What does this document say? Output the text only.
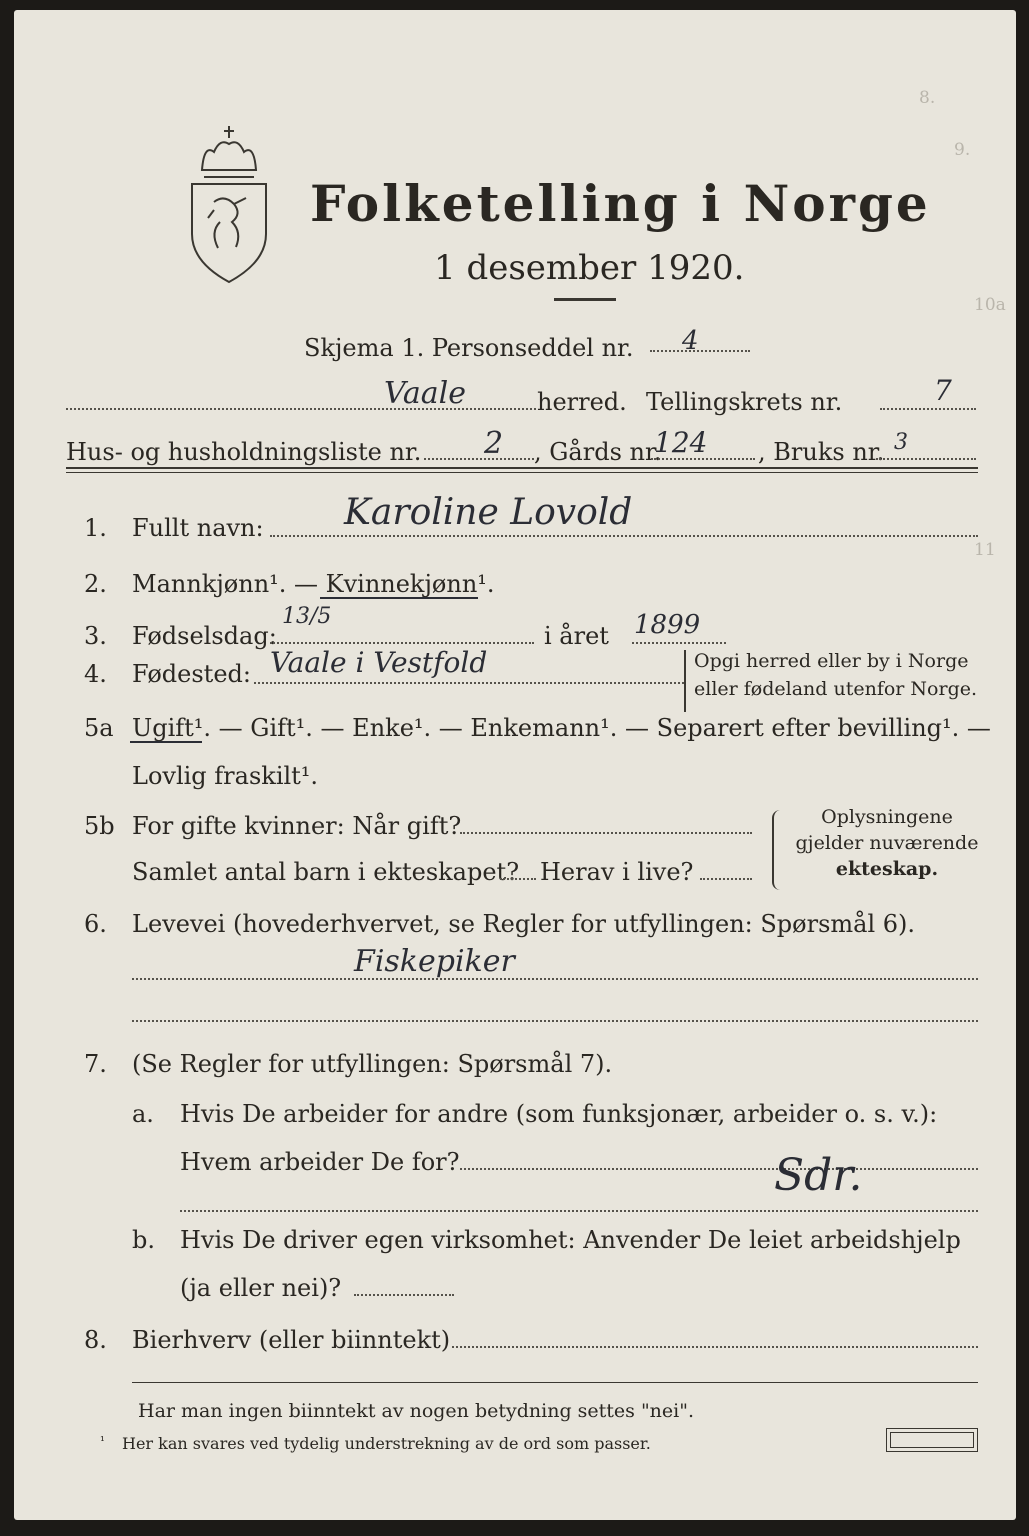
8.
9.
10a
11
Folketelling i Norge
1 desember 1920.
Skjema 1. Personseddel nr. 4
Vaale	herred. Tellingskrets nr.	7
Hus- og husholdningsliste nr. 2 , Gårds nr.
124 , Bruks nr. 3
1. Fullt navn: Karoline Lovold
2. Mannkjønn¹. — Kvinnekjønn¹.
3. Fødselsdag:
13/5
i året 1899
4. Fødested: Vaale i Vestfold	Opgi herred eller by i Norge
eller fødeland utenfor Norge.
5a Ugift¹. — Gift¹. — Enke¹. — Enkemann¹. — Separert efter bevilling¹. —
Lovlig fraskilt¹.
5b For gifte kvinner: Når gift?
Samlet antal barn i ekteskapet? Herav i live?
Oplysningene
gjelder nuværende
ekteskap.
6. Levevei (hovederhvervet, se Regler for utfyllingen: Spørsmål 6).
Fiskepiker
7. (Se Regler for utfyllingen: Spørsmål 7).
a. Hvis De arbeider for andre (som funksjonær, arbeider o. s. v.):
Hvem arbeider De for?	Sdr.
b. Hvis De driver egen virksomhet: Anvender De leiet arbeidshjelp
(ja eller nei)?
8. Bierhverv (eller biinntekt)
Har man ingen biinntekt av nogen betydning settes "nei".
¹ Her kan svares ved tydelig understrekning av de ord som passer.
